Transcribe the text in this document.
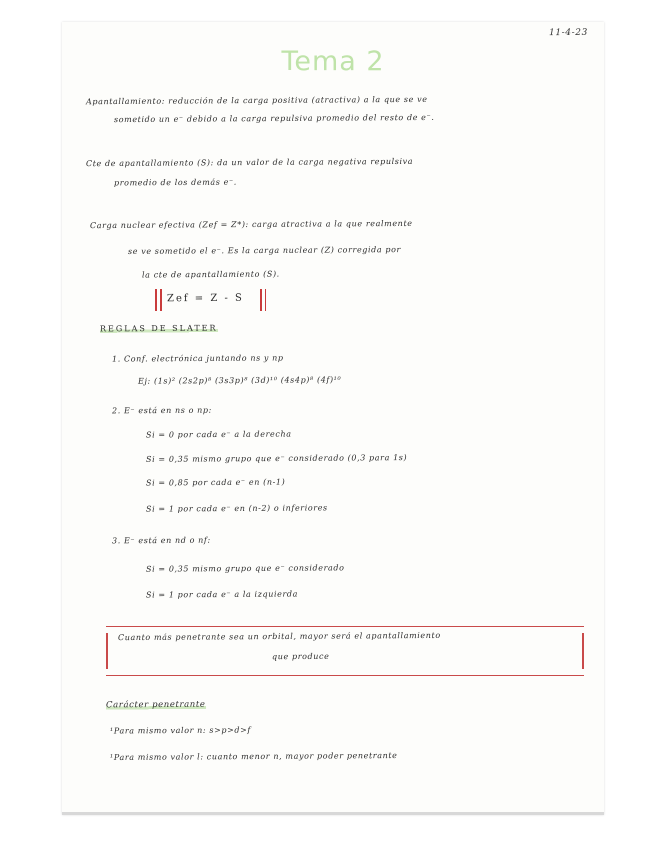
11-4-23
Tema 2
Apantallamiento: reducción de la carga positiva (atractiva) a la que se ve
sometido un e⁻ debido a la carga repulsiva promedio del resto de e⁻.
Cte de apantallamiento (S): da un valor de la carga negativa repulsiva
promedio de los demás e⁻.
Carga nuclear efectiva (Zef = Z*): carga atractiva a la que realmente
se ve sometido el e⁻. Es la carga nuclear (Z) corregida por
la cte de apantallamiento (S).
Zef = Z - S
REGLAS DE SLATER
1. Conf. electrónica juntando ns y np
Ej: (1s)² (2s2p)⁸ (3s3p)⁸ (3d)¹⁰ (4s4p)⁸ (4f)¹⁰
2. E⁻ está en ns o np:
Si = 0 por cada e⁻ a la derecha
Si = 0,35 mismo grupo que e⁻ considerado (0,3 para 1s)
Si = 0,85 por cada e⁻ en (n-1)
Si = 1 por cada e⁻ en (n-2) o inferiores
3. E⁻ está en nd o nf:
Si = 0,35 mismo grupo que e⁻ considerado
Si = 1 por cada e⁻ a la izquierda
Cuanto más penetrante sea un orbital, mayor será el apantallamiento
que produce
Carácter penetrante
¹Para mismo valor n: s>p>d>f
¹Para mismo valor l: cuanto menor n, mayor poder penetrante
